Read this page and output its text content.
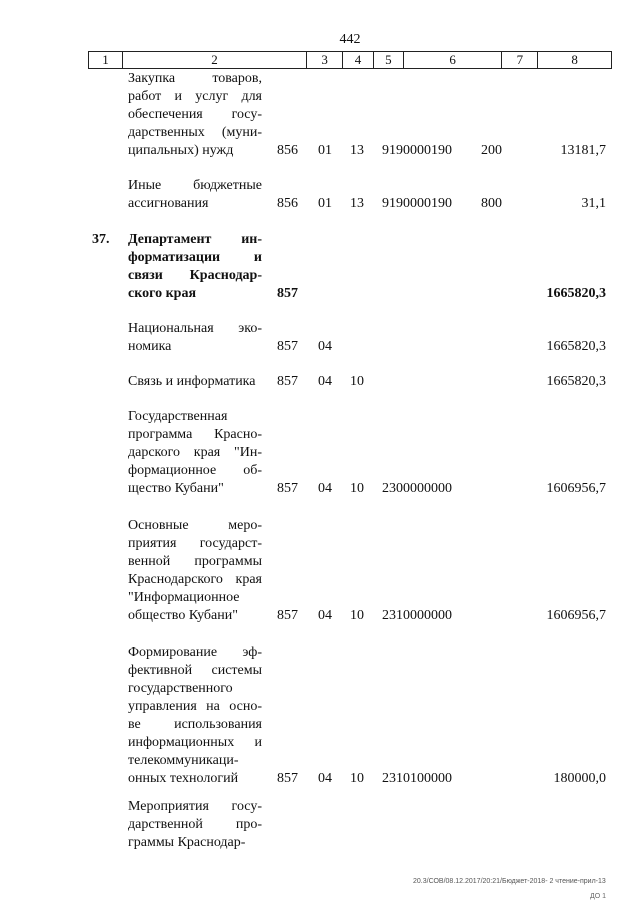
442
1	2	3	4	5	6	7	8
Закупка товаров,
работ и услуг для
обеспечения госу-
дарственных (муни-
ципальных) нужд	856 01 13 9190000190 200	13181,7
Иные бюджетные
ассигнования	856 01 13 9190000190 800	31,1
37.	Департамент ин-
форматизации и
связи Краснодар-
ского края	857	1665820,3
Национальная эко-
номика	857 04	1665820,3
Связь и информатика	857 04 10	1665820,3
Государственная
программа Красно-
дарского края "Ин-
формационное об-
щество Кубани"	857 04 10 2300000000	1606956,7
Основные меро-
приятия государст-
венной программы
Краснодарского края
"Информационное
общество Кубани"	857 04 10 2310000000	1606956,7
Формирование эф-
фективной системы
государственного
управления на осно-
ве использования
информационных и
телекоммуникаци-
онных технологий	857 04 10 2310100000	180000,0
Мероприятия госу-
дарственной про-
граммы Краснодар-
20.3/СОВ/08.12.2017/20:21/Бюджет-2018- 2 чтение-прил-13
ДО 1
